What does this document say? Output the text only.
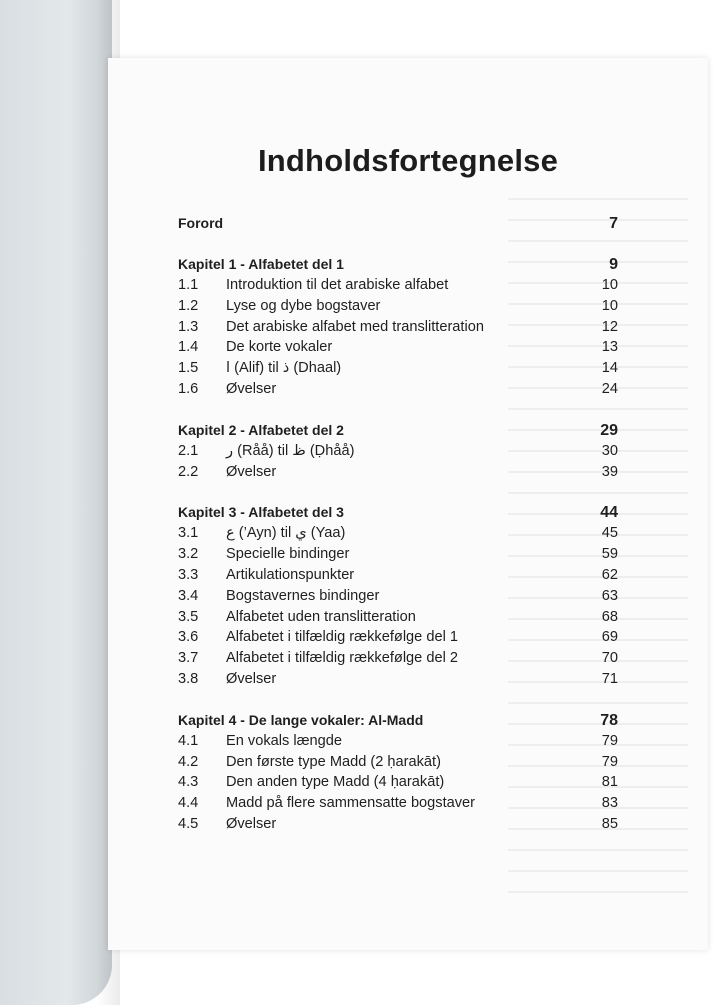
Indholdsfortegnelse
Forord	7
Kapitel 1 - Alfabetet del 1	9
1.1	Introduktion til det arabiske alfabet	10
1.2	Lyse og dybe bogstaver	10
1.3	Det arabiske alfabet med translitteration	12
1.4	De korte vokaler	13
1.5	ا (Alif) til ذ (Dhaal)	14
1.6	Øvelser	24
Kapitel 2 - Alfabetet del 2	29
2.1	ر (Råå) til ظ (Ḍhåå)	30
2.2	Øvelser	39
Kapitel 3 - Alfabetet del 3	44
3.1	ع (’Ayn) til ي (Yaa)	45
3.2	Specielle bindinger	59
3.3	Artikulationspunkter	62
3.4	Bogstavernes bindinger	63
3.5	Alfabetet uden translitteration	68
3.6	Alfabetet i tilfældig rækkefølge del 1	69
3.7	Alfabetet i tilfældig rækkefølge del 2	70
3.8	Øvelser	71
Kapitel 4 - De lange vokaler: Al-Madd	78
4.1	En vokals længde	79
4.2	Den første type Madd (2 ḥarakāt)	79
4.3	Den anden type Madd (4 ḥarakāt)	81
4.4	Madd på flere sammensatte bogstaver	83
4.5	Øvelser	85
